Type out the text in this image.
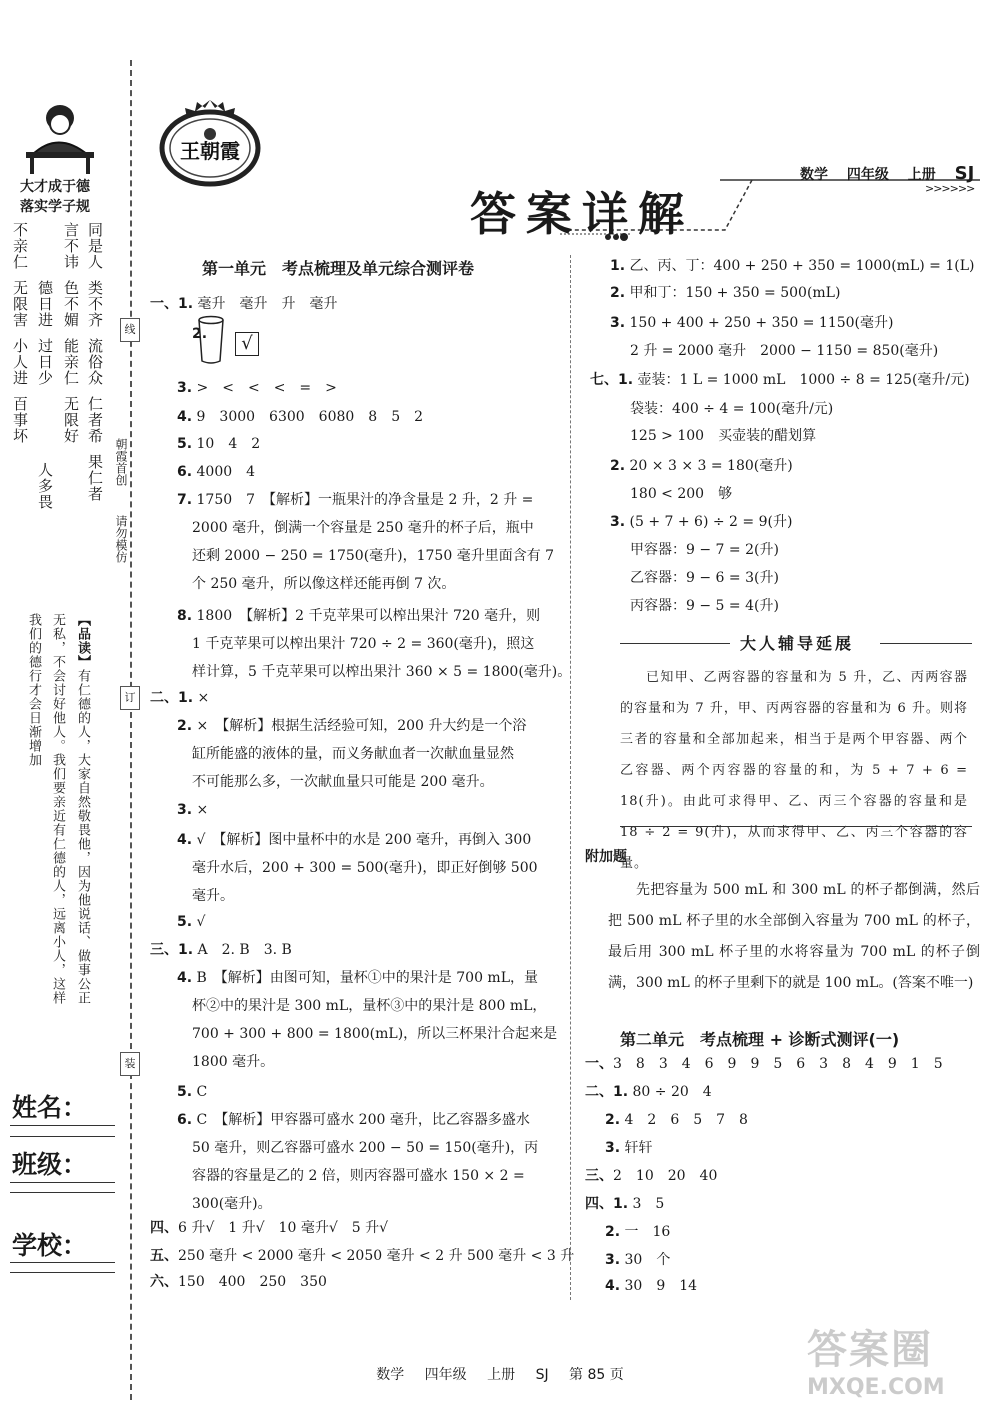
大才成于德
落实学子规
同是人
类不齐
流俗众
仁者希
果仁者
言不讳
色不媚
能亲仁
无限好
人多畏
德日进
过日少
不亲仁
无限害
小人进
百事坏
朝霞首创
请勿模仿
【品读】有仁德的人，大家自然敬畏他，因为他说话、做事公正
无私，不会讨好他人。我们要亲近有仁德的人，远离小人，这样
我们的德行才会日渐增加
姓名：
班级：
学校：
线
订
装
王朝霞
数学 四年级 上册 SJ
>>>>>>
答案详解
第一单元　考点梳理及单元综合测评卷
一、1. 毫升　毫升　升　毫升
2.
3. >　<　<　<　=　>
4. 9　3000　6300　6080　8　5　2
5. 10　4　2
6. 4000　4
7. 1750　7　【解析】一瓶果汁的净含量是 2 升，2 升 =
2000 毫升，倒满一个容量是 250 毫升的杯子后，瓶中
还剩 2000 − 250 = 1750(毫升)，1750 毫升里面含有 7
个 250 毫升，所以像这样还能再倒 7 次。
8. 1800　【解析】2 千克苹果可以榨出果汁 720 毫升，则
1 千克苹果可以榨出果汁 720 ÷ 2 = 360(毫升)，照这
样计算，5 千克苹果可以榨出果汁 360 × 5 = 1800(毫升)。
二、1. ×
2. ×　【解析】根据生活经验可知，200 升大约是一个浴
缸所能盛的液体的量，而义务献血者一次献血量显然
不可能那么多，一次献血量只可能是 200 毫升。
3. ×
4. √　【解析】图中量杯中的水是 200 毫升，再倒入 300
毫升水后，200 + 300 = 500(毫升)，即正好倒够 500
毫升。
5. √
三、1. A　2. B　3. B
4. B　【解析】由图可知，量杯①中的果汁是 700 mL，量
杯②中的果汁是 300 mL，量杯③中的果汁是 800 mL，
700 + 300 + 800 = 1800(mL)，所以三杯果汁合起来是
1800 毫升。
5. C
6. C　【解析】甲容器可盛水 200 毫升，比乙容器多盛水
50 毫升，则乙容器可盛水 200 − 50 = 150(毫升)，丙
容器的容量是乙的 2 倍，则丙容器可盛水 150 × 2 =
300(毫升)。
四、6 升√　1 升√　10 毫升√　5 升√
五、250 毫升 < 2000 毫升 < 2050 毫升 < 2 升 500 毫升 < 3 升
六、150　400　250　350
√
1. 乙、丙、丁：400 + 250 + 350 = 1000(mL) = 1(L)
2. 甲和丁：150 + 350 = 500(mL)
3. 150 + 400 + 250 + 350 = 1150(毫升)
2 升 = 2000 毫升　2000 − 1150 = 850(毫升)
七、1. 壶装：1 L = 1000 mL　1000 ÷ 8 = 125(毫升/元)
袋装：400 ÷ 4 = 100(毫升/元)
125 > 100　买壶装的醋划算
2. 20 × 3 × 3 = 180(毫升)
180 < 200　够
3. (5 + 7 + 6) ÷ 2 = 9(升)
甲容器：9 − 7 = 2(升)
乙容器：9 − 6 = 3(升)
丙容器：9 − 5 = 4(升)
大人辅导延展
已知甲、乙两容器的容量和为 5 升，乙、丙两容器的容量和为 7 升，甲、丙两容器的容量和为 6 升。则将三者的容量和全部加起来，相当于是两个甲容器、两个乙容器、两个丙容器的容量的和，为 5 + 7 + 6 = 18(升)。由此可求得甲、乙、丙三个容器的容量和是 18 ÷ 2 = 9(升)，从而求得甲、乙、丙三个容器的容量。
附加题
先把容量为 500 mL 和 300 mL 的杯子都倒满，然后把 500 mL 杯子里的水全部倒入容量为 700 mL 的杯子，最后用 300 mL 杯子里的水将容量为 700 mL 的杯子倒满，300 mL 的杯子里剩下的就是 100 mL。(答案不唯一)
第二单元　考点梳理 + 诊断式测评(一)
一、3　8　3　4　6　9　9　5　6　3　8　4　9　1　5
二、1. 80 ÷ 20　4
2. 4　2　6　5　7　8
3. 轩轩
三、2　10　20　40
四、1. 3　5
2. 一　16
3. 30　个
4. 30　9　14
数学 四年级 上册 SJ 第 85 页
答案圈
MXQE.COM
